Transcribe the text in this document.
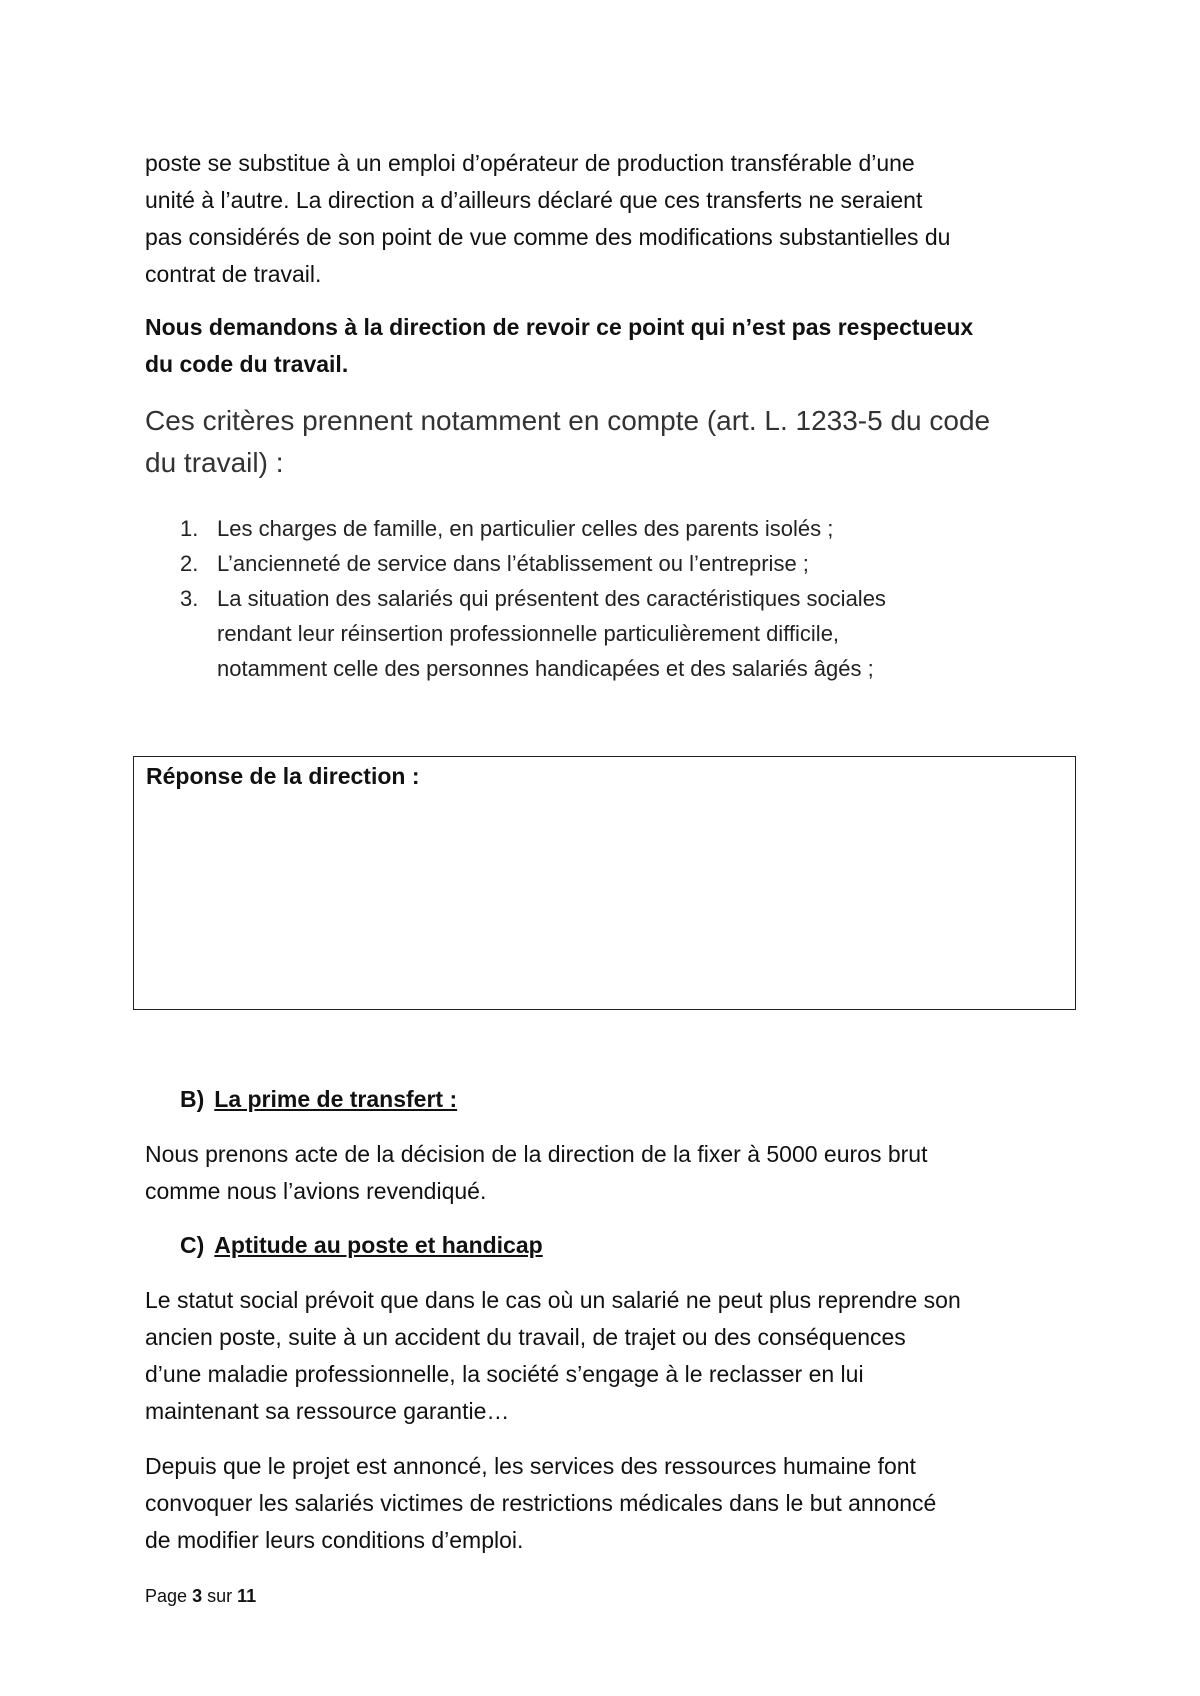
poste se substitue à un emploi d’opérateur de production transférable d’une
unité à l’autre. La direction a d’ailleurs déclaré que ces transferts ne seraient
pas considérés de son point de vue comme des modifications substantielles du
contrat de travail.
Nous demandons à la direction de revoir ce point qui n’est pas respectueux
du code du travail.
Ces critères prennent notamment en compte (art. L. 1233-5 du code
du travail) :
1. Les charges de famille, en particulier celles des parents isolés ;
2. L’ancienneté de service dans l’établissement ou l’entreprise ;
3. La situation des salariés qui présentent des caractéristiques sociales
rendant leur réinsertion professionnelle particulièrement difficile,
notamment celle des personnes handicapées et des salariés âgés ;
Réponse de la direction :
B) La prime de transfert :
Nous prenons acte de la décision de la direction de la fixer à 5000 euros brut
comme nous l’avions revendiqué.
C) Aptitude au poste et handicap
Le statut social prévoit que dans le cas où un salarié ne peut plus reprendre son
ancien poste, suite à un accident du travail, de trajet ou des conséquences
d’une maladie professionnelle, la société s’engage à le reclasser en lui
maintenant sa ressource garantie…
Depuis que le projet est annoncé, les services des ressources humaine font
convoquer les salariés victimes de restrictions médicales dans le but annoncé
de modifier leurs conditions d’emploi.
Page 3 sur 11
